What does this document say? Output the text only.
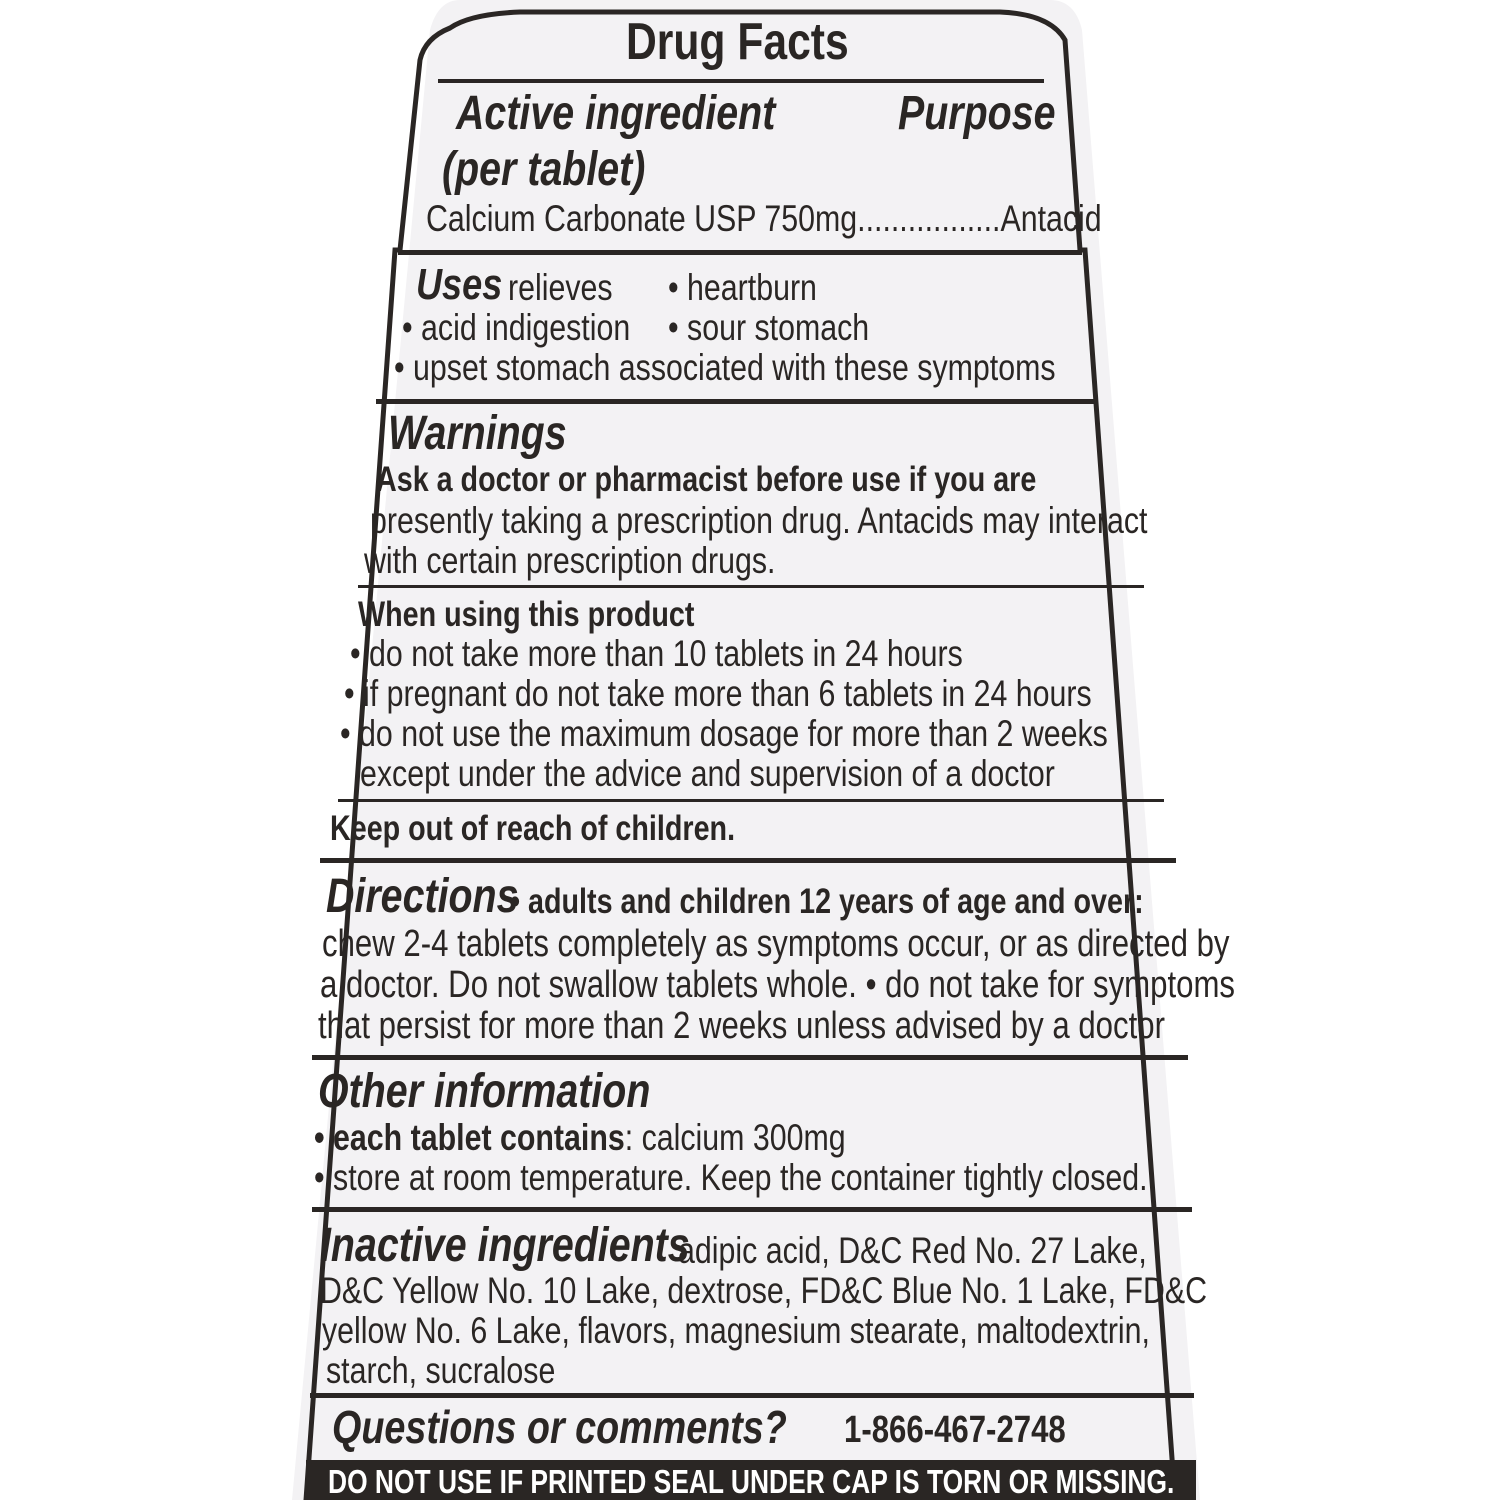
Drug Facts
Active ingredient
(per tablet)
Purpose
Calcium Carbonate USP 750mg.................Antacid
Uses relieves • heartburn
• acid indigestion • sour stomach
• upset stomach associated with these symptoms
Warnings
Ask a doctor or pharmacist before use if you are
presently taking a prescription drug. Antacids may interact
with certain prescription drugs.
When using this product
• do not take more than 10 tablets in 24 hours
• if pregnant do not take more than 6 tablets in 24 hours
• do not use the maximum dosage for more than 2 weeks
except under the advice and supervision of a doctor
Keep out of reach of children.
Directions
• adults and children 12 years of age and over:
chew 2-4 tablets completely as symptoms occur, or as directed by
a doctor. Do not swallow tablets whole. • do not take for symptoms
that persist for more than 2 weeks unless advised by a doctor
Other information
• each tablet contains: calcium 300mg
• store at room temperature. Keep the container tightly closed.
Inactive ingredients
adipic acid, D&C Red No. 27 Lake,
D&C Yellow No. 10 Lake, dextrose, FD&C Blue No. 1 Lake, FD&C
yellow No. 6 Lake, flavors, magnesium stearate, maltodextrin,
starch, sucralose
Questions or comments? 1-866-467-2748
DO NOT USE IF PRINTED SEAL UNDER CAP IS TORN OR MISSING.
